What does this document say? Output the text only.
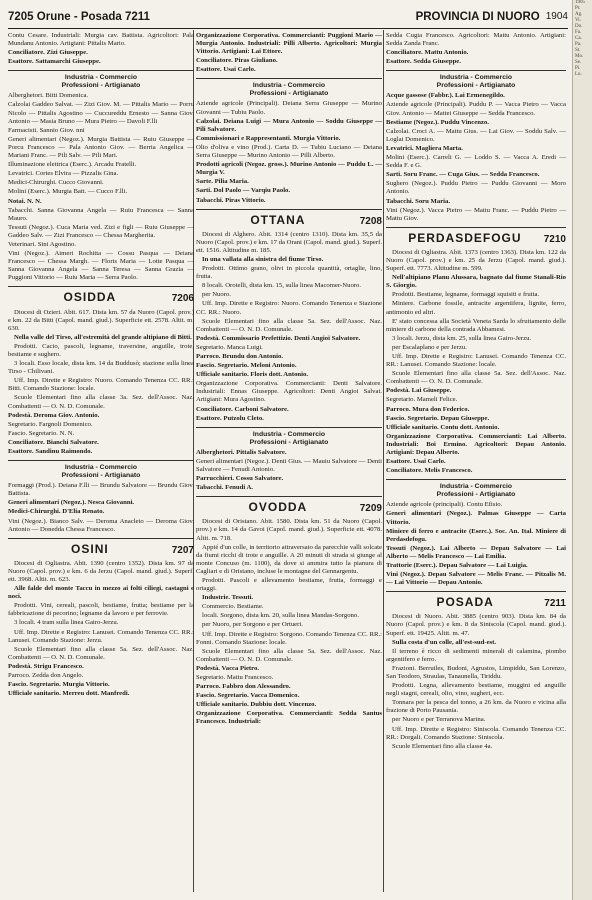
7205 Orune - Posada 7211	PROVINCIA DI NUORO 1904

Contu Cesare. Industriali: Murgia cav. Battista. Agricoltori: Pala Mundanu Antonio. Artigiani: Pittalis Mario.

Conciliatore. Zizi Giuseppe.

Esattore. Sattamarchi Giuseppe.

Industria - Commercio
Professioni - Artigianato

Alberghetori. Bitti Domenica.

Calzolai Gaddeo Salvat. — Zizi Giov. M. — Pittalis Mario — Porru Nicolo — Pittalis Agostino — Cuccureddu Ernesto — Sanna Giov. Antonio — Masia Bruno — Mura Pietro — Davoli F.lli

Farmacisti. Sannio Giov. nni

Generi alimentari (Negoz.). Murgia Battista — Ruiu Giuseppe — Porcu Francesco — Pala Antonio Giov. — Berria Angelica — Mariani Franc. — Pili Salv. — Pili Mari.

Illuminazione elettrica (Eserc.). Arcadu Fratelli.

Levatrici. Cortes Elvira — Pizzalis Gina.

Medici-Chirurghi. Cucco Giovanni.

Molini (Eserc.). Murgia Batt. — Cucco F.lli.

Notai. N. N.

Tabacchi. Sanna Giovanna Angela — Ruiu Francesca — Sanna Mauro.

Tessuti (Negoz.). Cuca Maria ved. Zizi e figli — Ruiu Giuseppe — Gaddeo Salv. — Zizi Francesco — Chessa Margherita.

Veterinari. Sini Agostino.

Vini (Negoz.). Aimeri Rochitta — Cossu Pasqua — Deiana Francesco — Chessa Margh. — Floris Maria — Lotte Pasqua — Sanna Giovanna Angela — Sanna Teresa — Sanna Grazia — Puggioni Vittorio — Ruiu Maria — Serra Paolo.

OSIDDA	7206

Diocesi di Ozieri. Abit. 617. Dista km. 57 da Nuoro (Capol. prov.) e km. 22 da Bitti (Capol. mand. giud.). Superficie ett. 2578. Altit. m. 630.

Nella valle del Tirso, all'estremità del grande altipiano di Bitti.

Prodotti. Cacio, pascoli, legname, traversine, anguille, trote, bestiame e sughero.

3 locali. Esso locale, dista km. 14 da Buddusò; stazione sulla linea Tirso - Chilivani.

Uff. Imp. Dirette e Registro: Nuoro. Comando Tenenza CC. RR.: Bitti. Comando Stazione: locale.

Scuole Elementari fino alla classe 3a. Sez. dell'Assoc. Naz. Combattenti — O. N. D. Comunale.

Podestà. Deroma Giov. Antonio.

Segretario. Fargnoli Domenico.

Fascio. Segretario. N. N.

Conciliatore. Bianchi Salvatore.

Esattore. Sandinu Raimondo.

Industria - Commercio
Professioni - Artigianato

Formaggi (Prod.). Deiana F.lli — Brundu Salvatore — Brundu Giov. Battista.

Generi alimentari (Negoz.). Nesca Giovanni.

Medici-Chirurghi. D'Elia Renato.

Vini (Negoz.). Bianco Salv. — Deroma Anacleto — Deroma Giov. Antonio — Donedda Chessa Francesco.

OSINI	7207

Diocesi di Ogliastra. Abit. 1390 (centro 1352). Dista km. 97 da Nuoro (Capol. prov.) e km. 6 da Jerzu (Capol. mand. giud.). Superf. ett. 3968. Altit. m. 623.

Alle falde del monte Taccu in mezzo ai folti ciliegi, castagni e noci.

Prodotti. Vini, cereali, pascoli, bestiame, frutta; bestiame per la fabbricazione di pecorino; legname da lavoro e per ferrovie.

3 locali. 4 tram sulla linea Gairo-Jerzu.

Uff. Imp. Dirette e Registro: Lanusei. Comando Tenenza CC. RR.: Lanusei. Comando Stazione: Jerzu.

Scuole Elementari fino alla classe 5a. Sez. dell'Assoc. Naz. Combattenti — O. N. D. Comunale.

Podestà. Strigu Francesco.

Parroco. Zedda don Angelo.

Fascio. Segretario. Murgia Vittorio.

Ufficiale sanitario. Merreu dott. Manfredi.

Organizzazione Corporativa. Commercianti: Puggioni Mario — Murgia Antonio. Industriali: Pilli Alberto. Agricoltori: Murgia Vittorio. Artigiani: Lai Ettore.

Conciliatore. Piras Giuliano.

Esattore. Usai Carlo.

Industria - Commercio
Professioni - Artigianato

Aziende agricole (Principali). Deiana Serra Giuseppe — Murino Giovanni — Tubiu Paolo.

Calzolai. Deiana Luigi — Mura Antonio — Soddu Giuseppe — Pili Salvatore.

Commissionari e Rappresentanti. Murgia Vittorio.

Olio d'oliva e vino (Prod.). Carta D. — Tubiu Luciano — Deiana Serra Giuseppe — Murino Antonio — Pilli Alberto.

Prodotti agricoli (Negoz. gross.). Murino Antonio — Puddu L. — Murgia V.

Sarte. Pilia Maria.

Sarti. Dol Paolo — Varqiu Paolo.

Tabacchi. Piras Vittorio.

OTTANA	7208

Diocesi di Alghero. Abit. 1314 (centro 1310). Dista km. 35,5 da Nuoro (Capol. prov.) e km. 17 da Orani (Capol. mand. giud.). Superf. ett. 1516. Altitudine m. 185.

In una vallata alla sinistra del fiume Tirso.

Prodotti. Ottimo grano, olivi in piccola quantità, ortaglie, lino, frutta.

8 locali. Orotelli, dista km. 15, sulla linea Macomer-Nuoro.

per Nuoro.

Uff. Imp. Dirette e Registro: Nuoro. Comando Tenenza e Stazione CC. RR.: Nuoro.

Scuole Elementari fino alla classe 5a. Sez. dell'Assoc. Naz. Combattenti — O. N. D. Comunale.

Podestà. Commissario Prefettizio. Denti Angioi Salvatore.

Segretario. Manca Luigi.

Parroco. Brundu don Antonio.

Fascio. Segretario. Meloni Antonio.

Ufficiale sanitario. Floris dott. Antonio.

Organizzazione Corporativa. Commercianti: Denti Salvatore. Industriali: Ennas Giuseppe. Agricoltori: Denti Angioi Salvat. Artigiani: Mura Agostino.

Conciliatore. Carboni Salvatore.

Esattore. Putzolu Cleto.

Industria - Commercio
Professioni - Artigianato

Alberghetori. Pittalis Salvatore.

Generi alimentari (Negoz.). Denti Gius. — Mauiu Salvatore — Denti Salvatore — Fenudi Antonio.

Parrucchieri. Cossu Salvatore.

Tabacchi. Fenudi A.

OVODDA	7209

Diocesi di Oristano. Abit. 1580. Dista km. 51 da Nuoro (Capol. prov.) e km. 14 da Gavoi (Capol. mand. giud.). Superficie ett. 4078. Altit. m. 718.

Appié d'un colle, in territorio attraversato da parecchie valli solcate da fiumi ricchi di trote e anguille. A 20 minuti di strada si giunge al monte Concuso (m. 1100), da dove si ammira tutto la pianura di Cagliari e di Oristano, incluse le montagne del Gennargentu.

Prodotti. Pascoli e allevamento bestiame, frutta, formaggi e ortaggi.

Industrie. Tessuti.

Commercio. Bestiame.

locali. Sorgono, dista km. 20, sulla linea Mandas-Sorgono.

per Nuoro, per Sorgono e per Ortueri.

Uff. Imp. Dirette e Registro: Sorgono. Comando Tenenza CC. RR.: Fonni. Comando Stazione: locale.

Scuole Elementari fino alla classe 5a. Sez. dell'Assoc. Naz. Combattenti — O. N. D. Comunale.

Podestà. Vacca Pietro.

Segretario. Mattu Francesco.

Parroco. Fabbro don Alessandro.

Fascio. Segretario. Vacca Domenico.

Ufficiale sanitario. Dubbiu dott. Vincenzo.

Organizzazione Corporativa. Commercianti: Sedda Santus Francesco. Industriali:

Sedda Cugia Francesco. Agricoltori: Mattu Antonio. Artigiani: Sedda Zanda Franc.

Conciliatore. Mattu Antonio.

Esattore. Sedda Giuseppe.

Industria - Commercio
Professioni - Artigianato

Acque gassose (Fabbr.). Lai Ermenegildo.

Aziende agricole (Principali). Puddu P. — Vacca Pietro — Vacca Giov. Antonio — Mattei Giuseppe — Sedda Francesco.

Bestiame (Negoz.). Puddu Vincenzo.

Calzolai. Croci A. — Mattu Gius. — Lai Giov. — Soddu Salv. — Loglai Domenico.

Levatrici. Magliera Marta.

Molini (Eserc.). Carreli G. — Loddo S. — Vacca A. Eredi — Sedda F. e G.

Sarti. Soru Franc. — Cuga Gius. — Sedda Francesco.

Sughero (Negoz.). Puddu Pietro — Puddu Giovanni — Moro Antonio.

Tabacchi. Soru Maria.

Vini (Negoz.). Vacca Pietro — Mattu Franc. — Puddu Pietro — Mattu Giov.

PERDASDEFOGU	7210

Diocesi di Ogliastra. Abit. 1373 (centro 1363). Dista km. 122 da Nuoro (Capol. prov.) e km. 25 da Jerzu (Capol. mand. giud.). Superf. ett. 7773. Altitudine m. 599.

Nell'altipiano Planu Alussara, bagnato dal fiume Stanali-Rio S. Giorgio.

Prodotti. Bestiame, legname, formaggi squisiti e frutta.

Miniere. Carbone fossile, antracite argentifera, lignite, ferro, antimonio ed altri.

E' stato concessa alla Società Veneta Sarda lo sfruttamento delle miniere di carbone della contrada Abbamesi.

3 locali. Jerzu, dista km. 25, sulla linea Gairo-Jerzu.

per Escalaplano e per Jerzu.

Uff. Imp. Dirette e Registro: Lanusei. Comando Tenenza CC. RR.: Lanusei. Comando Stazione: locale.

Scuole Elementari fino alla classe 5a. Sez. dell'Assoc. Naz. Combattenti — O. N. D. Comunale.

Podestà. Lai Giuseppe.

Segretario. Mameli Felice.

Parroco. Mura don Federico.

Fascio. Segretario. Depau Giuseppe.

Ufficiale sanitario. Contu dott. Antonio.

Organizzazione Corporativa. Commercianti: Lai Alberto. Industriali: Boi Ermino. Agricoltori: Depau Antonio. Artigiani: Depau Alberto.

Esattore. Usai Carlo.

Conciliatore. Melis Francesco.

Industria - Commercio
Professioni - Artigianato

Aziende agricole (principali). Contu Efisio.

Generi alimentari (Negoz.). Palmas Giuseppe — Carta Vittorio.

Miniere di ferro e antracite (Eserc.). Soc. An. Ital. Miniere di Perdasdefogu.

Tessuti (Negoz.). Lai Alberto — Depau Salvatore — Lai Alberto — Melis Francesco — Lai Emilia.

Trattorie (Eserc.). Depau Salvatore — Lai Luigia.

Vini (Negoz.). Depau Salvatore — Melis Franc. — Pitzalis M. — Lai Vittorio — Depau Antonio.

POSADA	7211

Diocesi di Nuoro. Abit. 3885 (centro 903). Dista km. 84 da Nuoro (Capol. prov.) e km. 8 da Siniscola (Capol. mand. giud.). Superf. ett. 19425. Altit. m. 47.

Sulla costa d'un colle, all'est-sud-est.

Il terreno è ricco di sedimenti minerali di calamina, piombo argentifero e ferro.

Frazioni. Berruiles, Budoni, Agrustos, Limpiddu, San Lorenzo, San Teodoro, Straulas, Tanaunella, Tiriddu.

Prodotti. Legna, allevamento bestiame, muggini ed anguille negli stagni, cereali, olio, vino, sugheri, ecc.

Tonnara per la pesca del tonno, a 26 km. da Nuoro e vicina alla frazione di Porto Pausania.

per Nuoro e per Terranova Marina.

Uff. Imp. Dirette e Registro: Siniscola. Comando Tenenza CC. RR.: Dorgali. Comando Stazione: Siniscola.

Scuole Elementari fino alla classe 4a.

1905
Pr.
Ag.
Vi.
Do.
Fa.
Ca.
Pa.
St.
Mo.
Se.
Pi.
Lu.
